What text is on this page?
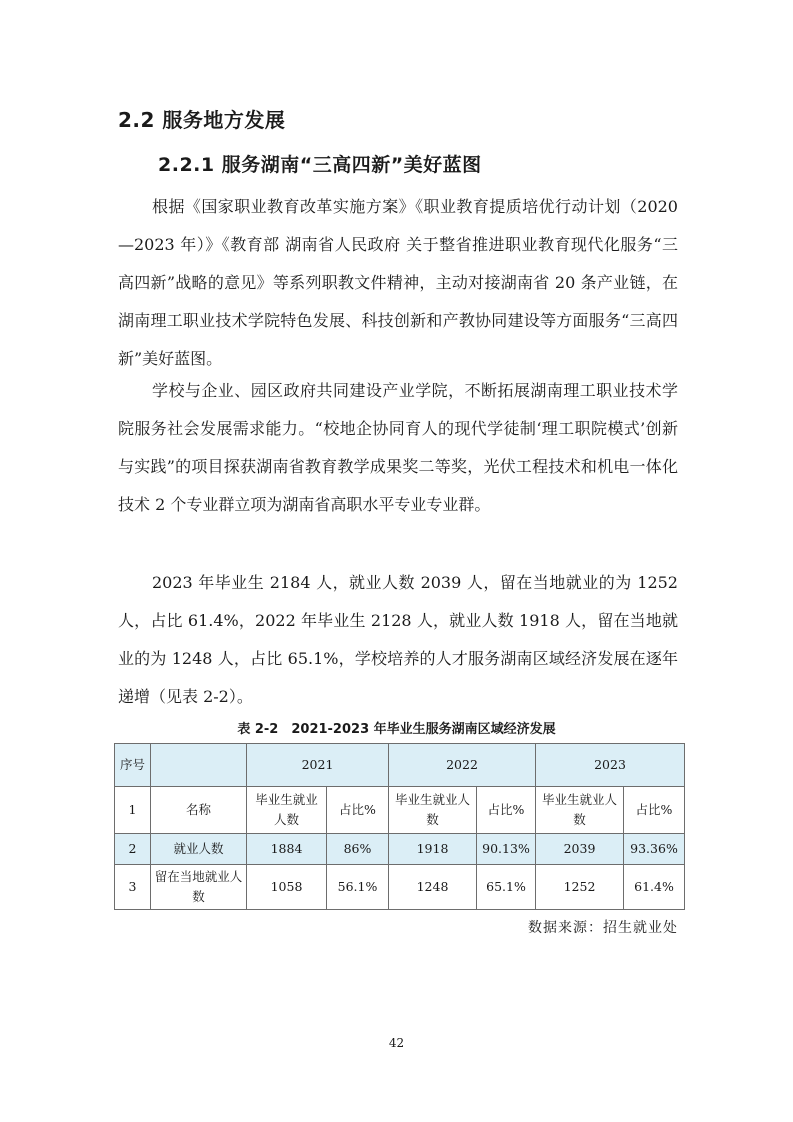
2.2 服务地方发展
2.2.1 服务湖南“三高四新”美好蓝图

根据《国家职业教育改革实施方案》《职业教育提质培优行动计划（2020—2023 年）》《教育部 湖南省人民政府 关于整省推进职业教育现代化服务“三高四新”战略的意见》等系列职教文件精神，主动对接湖南省 20 条产业链，在湖南理工职业技术学院特色发展、科技创新和产教协同建设等方面服务“三高四新”美好蓝图。

学校与企业、园区政府共同建设产业学院，不断拓展湖南理工职业技术学院服务社会发展需求能力。“校地企协同育人的现代学徒制‘理工职院模式’创新与实践”的项目探获湖南省教育教学成果奖二等奖，光伏工程技术和机电一体化技术 2 个专业群立项为湖南省高职水平专业专业群。

2023 年毕业生 2184 人，就业人数 2039 人，留在当地就业的为 1252 人，占比 61.4%，2022 年毕业生 2128 人，就业人数 1918 人，留在当地就业的为 1248 人，占比 65.1%，学校培养的人才服务湖南区域经济发展在逐年递增（见表 2-2）。

表 2-2　2021-2023 年毕业生服务湖南区域经济发展
序号		2021		2022		2023	
1	名称	毕业生就业人数	占比%	毕业生就业人数	占比%	毕业生就业人数	占比%
2	就业人数	1884	86%	1918	90.13%	2039	93.36%
3	留在当地就业人数	1058	56.1%	1248	65.1%	1252	61.4%
数据来源：招生就业处
42
